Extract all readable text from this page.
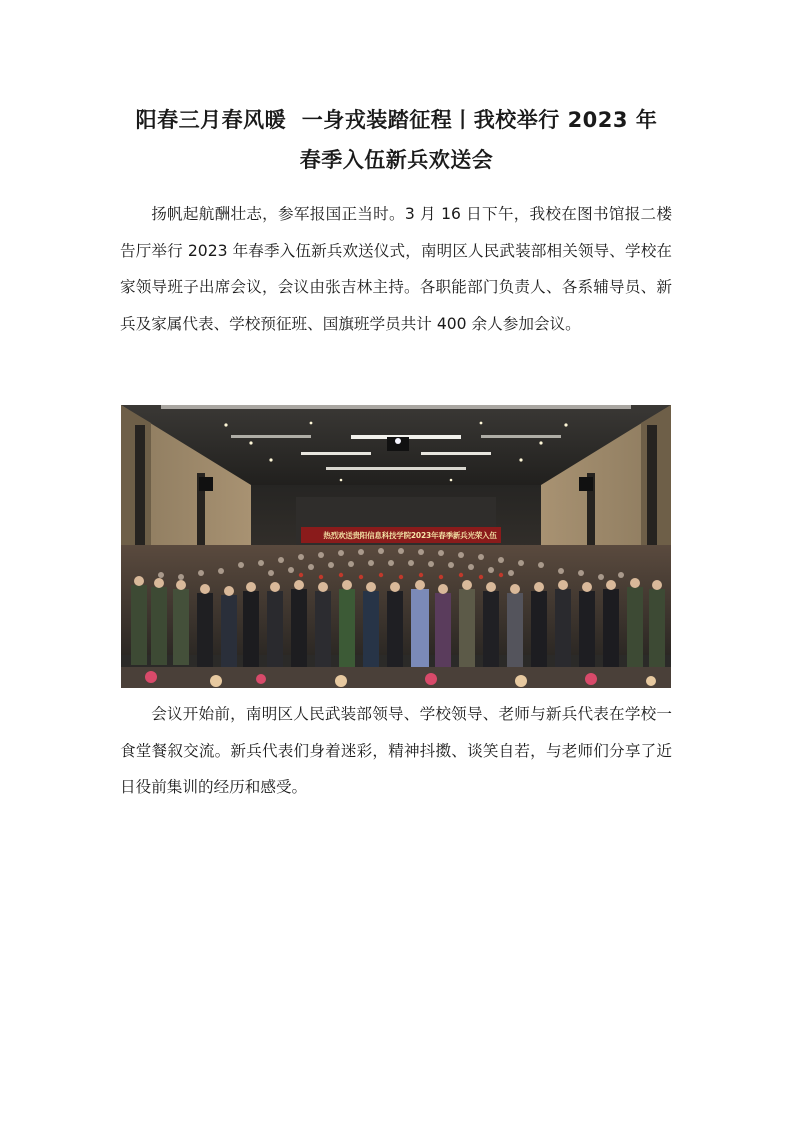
阳春三月春风暖  一身戎装踏征程丨我校举行 2023 年
春季入伍新兵欢送会

扬帆起航酬壮志，参军报国正当时。3 月 16 日下午，我校在图书馆报二楼告厅举行 2023 年春季入伍新兵欢送仪式，南明区人民武装部相关领导、学校在家领导班子出席会议，会议由张吉林主持。各职能部门负责人、各系辅导员、新兵及家属代表、学校预征班、国旗班学员共计 400 余人参加会议。

热烈欢送贵阳信息科技学院2023年春季新兵光荣入伍

会议开始前，南明区人民武装部领导、学校领导、老师与新兵代表在学校一食堂餐叙交流。新兵代表们身着迷彩，精神抖擞、谈笑自若，与老师们分享了近日役前集训的经历和感受。
